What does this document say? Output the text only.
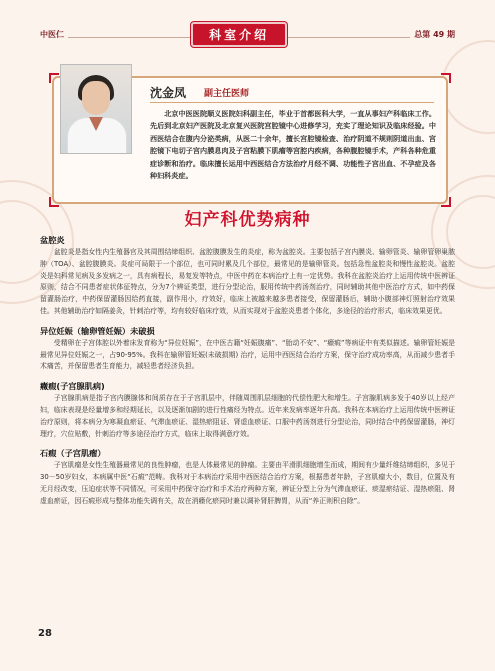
中医仁	科室介绍	总第 49 期
沈金凤 副主任医师

北京中医医院顺义医院妇科副主任，毕业于首都医科大学，一直从事妇产科临床工作。先后到北京妇产医院及北京复兴医院宫腔镜中心进修学习，充实了理论知识及临床经验。中西医结合在腹内分泌类病，从医二十余年，擅长宫腔镜检查、治疗阴道不规则阴道出血、宫腔镜下电切子宫内膜息肉及子宫粘膜下肌瘤等宫腔内疾病，各种腹腔镜手术，产科各种危重症诊断和治疗。临床擅长运用中西医结合方法治疗月经不调、功能性子宫出血、不孕症及各种妇科炎症。

妇产科优势病种

盆腔炎

盆腔炎是指女性内生殖器官及其周围结缔组织、盆腔腹膜发生的炎症，称为盆腔炎。主要包括子宫内膜炎、输卵管炎、输卵管卵巢脓肿（TOA）、盆腔腹膜炎。炎症可局限于一个部位，也可同时累及几个部位，最常见的是输卵管炎。包括急性盆腔炎和慢性盆腔炎。盆腔炎是妇科常见病及多发病之一，具有病程长，易复发等特点，中医中药在本病治疗上有一定优势。我科在盆腔炎治疗上运用传统中医辨证原则，结合不同患者症状体征特点，分为7个辨证类型，进行分型论治，服用传统中药汤剂治疗，同时辅助其他中医治疗方式，如中药保留灌肠治疗，中药保留灌肠因给药直接，副作用小，疗效好，临床上被越来越多患者接受，保留灌肠后，辅助小腹部神灯照射治疗效果佳。其他辅助治疗如隔姜灸，针刺治疗等，均有较好临床疗效，从而实现对于盆腔炎患者个体化，多途径的治疗形式，临床效果更优。

异位妊娠（输卵管妊娠）未破损

受精卵在子宫体腔以外着床发育称为“异位妊娠”，在中医古籍“妊娠腹痛”、“胎动不安”、“癥瘕”等病证中有类似描述。输卵管妊娠是最常见异位妊娠之一，占90-95%。我科在输卵管妊娠(未破损期) 治疗，运用中西医结合治疗方案，保守治疗成功率高，从而减少患者手术痛苦，并保留患者生育能力，减轻患者经济负担。

癥瘕(子宫腺肌病)

子宫腺肌病是指子宫内膜腺体和间质存在于子宫肌层中，伴随周围肌层细胞的代偿性肥大和增生。子宫腺肌病多发于40岁以上经产妇，临床表现是经量增多和经期延长，以及逐渐加剧的进行性痛经为特点。近年来发病率逐年升高。我科在本病治疗上运用传统中医辨证治疗原则，将本病分为寒凝血瘀证、气滞血瘀证、湿热瘀阻证、肾虚血瘀证、口服中药汤剂进行分型论治，同时结合中药保留灌肠，神灯理疗，穴位贴敷，针刺治疗等多途径治疗方式，临床上取得满意疗效。

石瘕（子宫肌瘤）

子宫肌瘤是女性生殖器最常见的良性肿瘤，也是人体最常见的肿瘤。主要由平滑肌细胞增生而成，期间有少量纤维结缔组织，多见于30－50岁妇女，本病属中医“石瘕”范畴。我科对于本病治疗采用中西医结合治疗方案，根据患者年龄，子宫肌瘤大小，数目，位置及有无月经改变，压迫症状等不同情况，可采用中药保守治疗和手术治疗两种方案，辨证分型上分为气滞血瘀证、痰湿瘀结证、湿热瘀阻、肾虚血瘀证，因石瘕形成与整体功能失调有关，故在消癥化瘀同时兼以调补肾肝脾胃，从而“养正则积自除”。

28
